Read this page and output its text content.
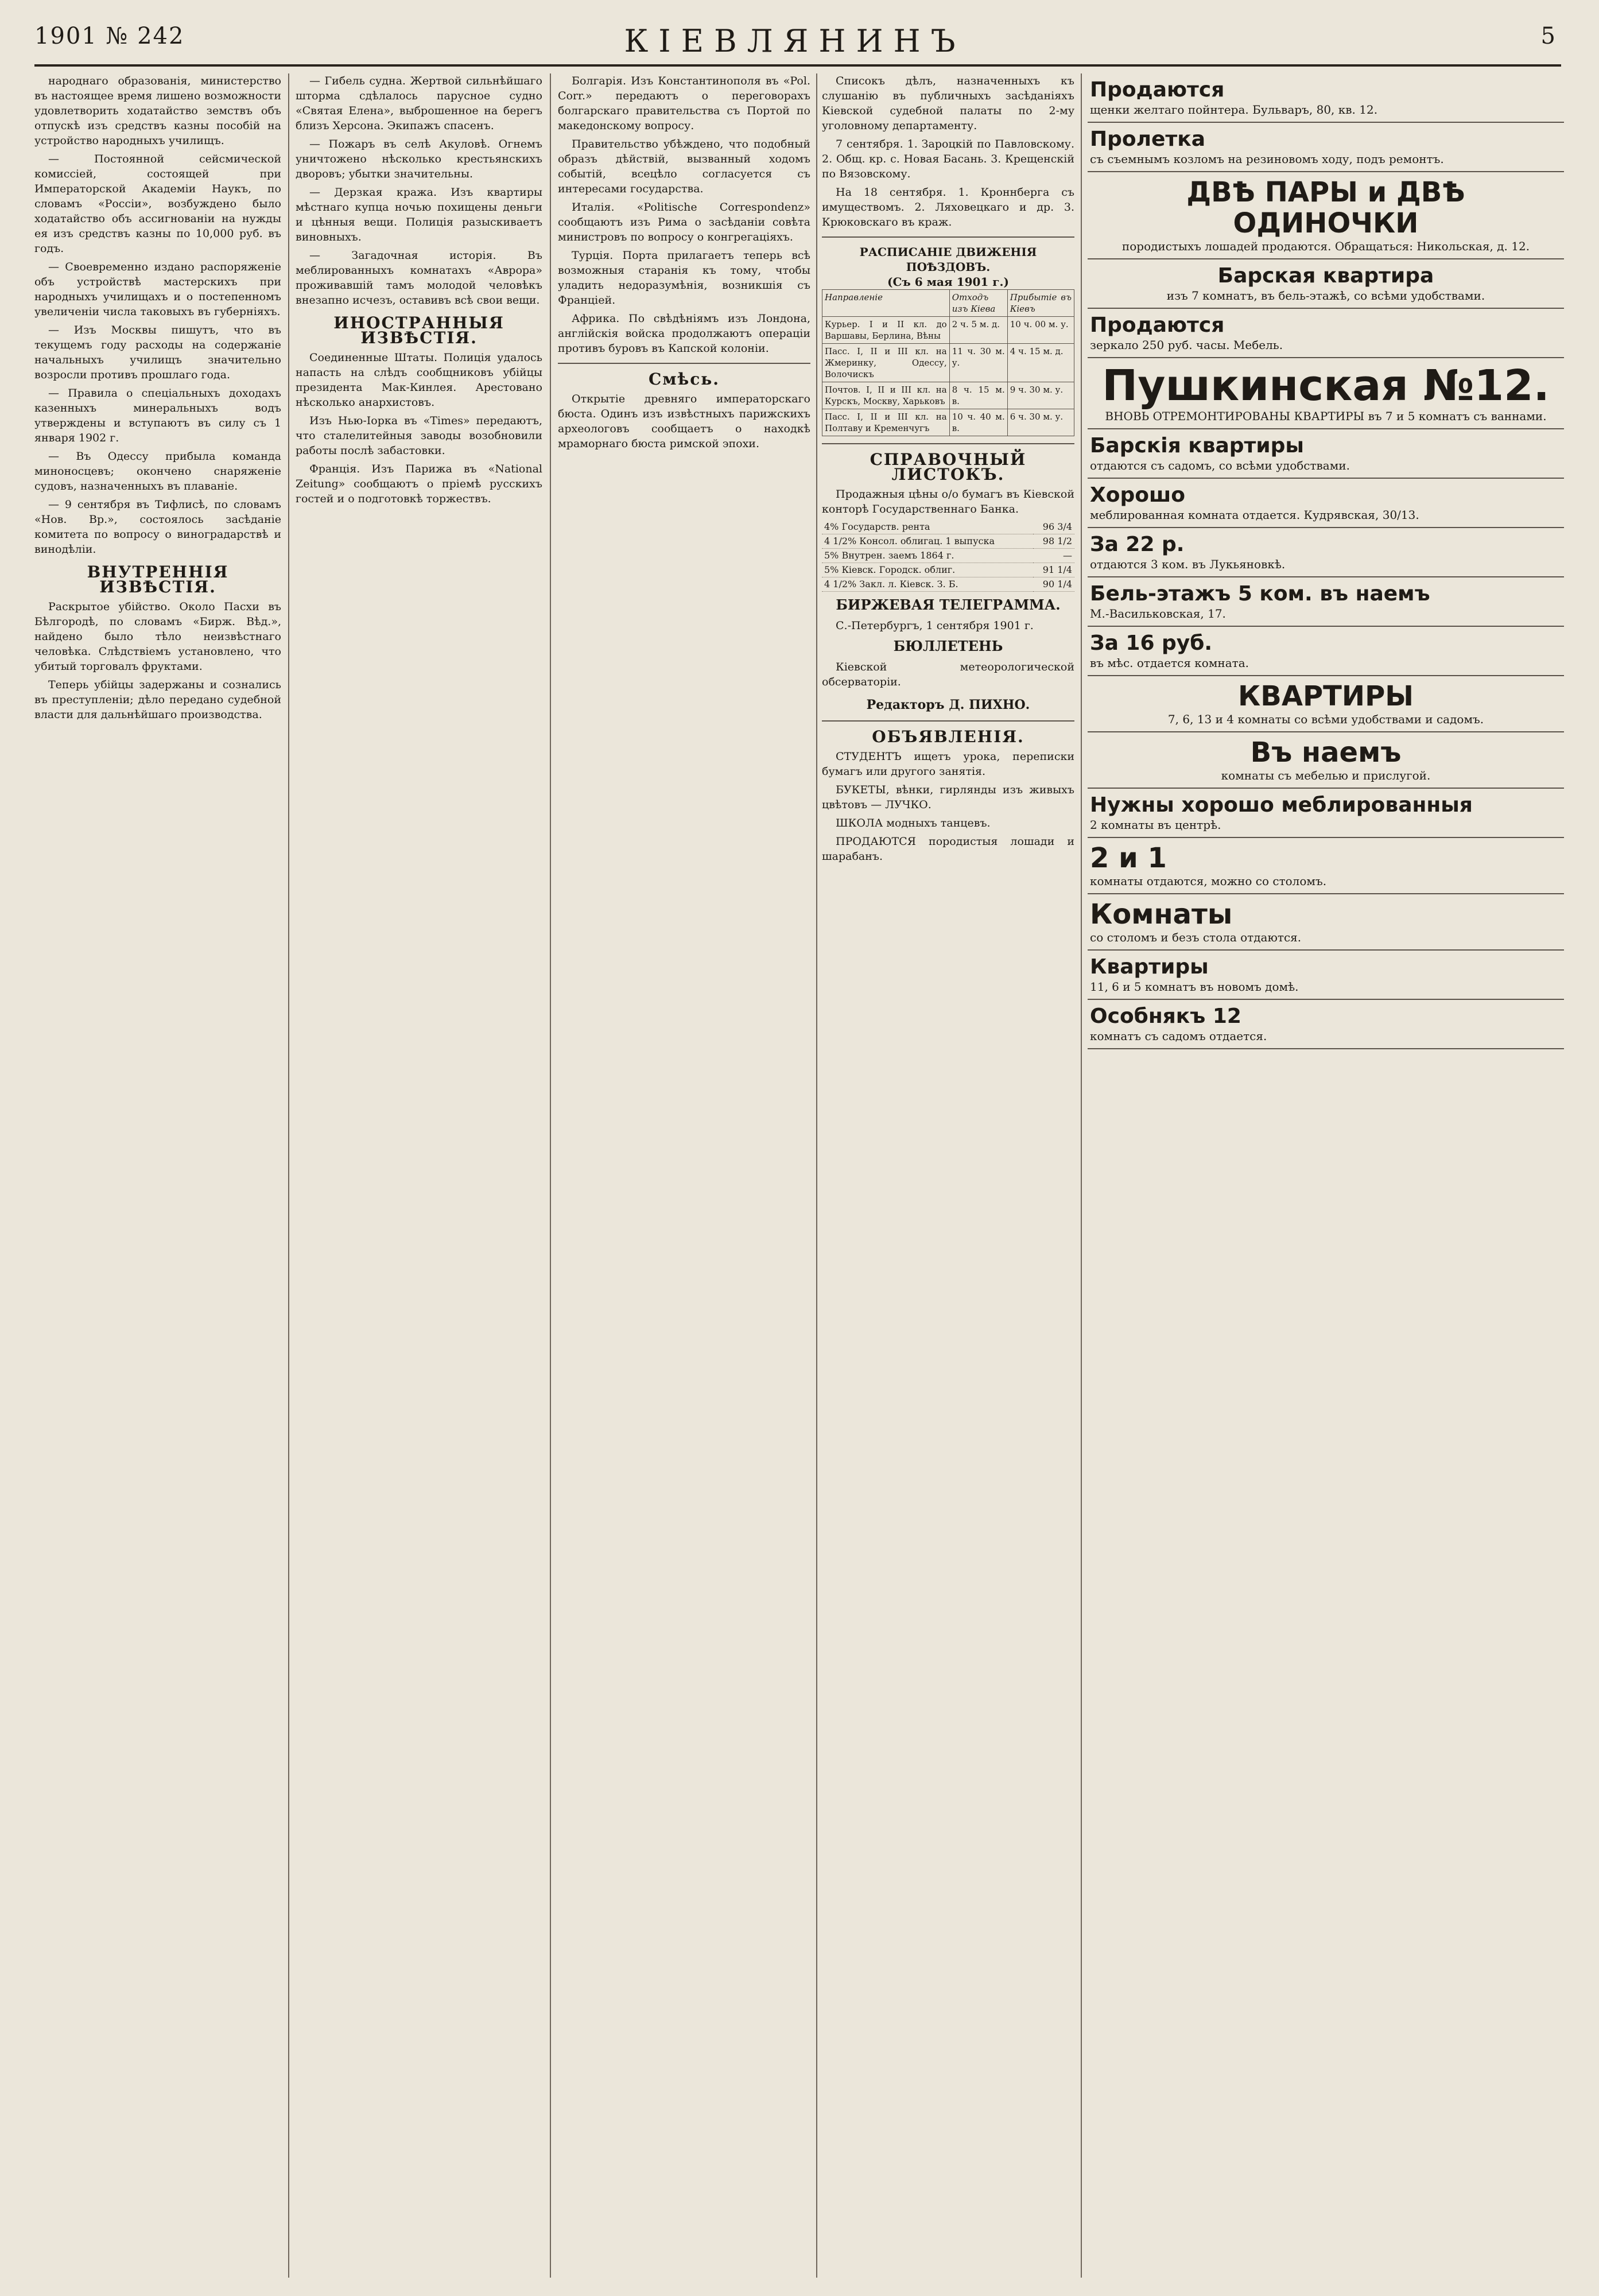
1901 № 242	КІЕВЛЯНИНЪ	5

народнаго образованія, министерство въ настоящее время лишено возможности удовлетворить ходатайство земствъ объ отпускѣ изъ средствъ казны пособій на устройство народныхъ училищъ.

— Постоянной сейсмической комиссіей, состоящей при Императорской Академіи Наукъ, по словамъ «Россіи», возбуждено было ходатайство объ ассигнованіи на нужды ея изъ средствъ казны по 10,000 руб. въ годъ.

— Своевременно издано распоряженіе объ устройствѣ мастерскихъ при народныхъ училищахъ и о постепенномъ увеличеніи числа таковыхъ въ губерніяхъ.

— Изъ Москвы пишутъ, что въ текущемъ году расходы на содержаніе начальныхъ училищъ значительно возросли противъ прошлаго года.

— Правила о спеціальныхъ доходахъ казенныхъ минеральныхъ водъ утверждены и вступаютъ въ силу съ 1 января 1902 г.

— Въ Одессу прибыла команда миноносцевъ; окончено снаряженіе судовъ, назначенныхъ въ плаваніе.

— 9 сентября въ Тифлисѣ, по словамъ «Нов. Вр.», состоялось засѣданіе комитета по вопросу о виноградарствѣ и винодѣліи.

ВНУТРЕННІЯ ИЗВѢСТІЯ.

Раскрытое убійство. Около Пасхи въ Бѣлгородѣ, по словамъ «Бирж. Вѣд.», найдено было тѣло неизвѣстнаго человѣка. Слѣдствіемъ установлено, что убитый торговалъ фруктами.

Теперь убійцы задержаны и сознались въ преступленіи; дѣло передано судебной власти для дальнѣйшаго производства.

— Гибель судна. Жертвой сильнѣйшаго шторма сдѣлалось парусное судно «Святая Елена», выброшенное на берегъ близъ Херсона. Экипажъ спасенъ.

— Пожаръ въ селѣ Акуловѣ. Огнемъ уничтожено нѣсколько крестьянскихъ дворовъ; убытки значительны.

— Дерзкая кража. Изъ квартиры мѣстнаго купца ночью похищены деньги и цѣнныя вещи. Полиція разыскиваетъ виновныхъ.

— Загадочная исторія. Въ меблированныхъ комнатахъ «Аврора» проживавшій тамъ молодой человѣкъ внезапно исчезъ, оставивъ всѣ свои вещи.

ИНОСТРАННЫЯ ИЗВѢСТІЯ.

Соединенные Штаты. Полиція удалось напасть на слѣдъ сообщниковъ убійцы президента Мак-Кинлея. Арестовано нѣсколько анархистовъ.

Изъ Нью-Іорка въ «Times» передаютъ, что сталелитейныя заводы возобновили работы послѣ забастовки.

Франція. Изъ Парижа въ «National Zeitung» сообщаютъ о пріемѣ русскихъ гостей и о подготовкѣ торжествъ.

Болгарія. Изъ Константинополя въ «Pol. Corr.» передаютъ о переговорахъ болгарскаго правительства съ Портой по македонскому вопросу.

Правительство убѣждено, что подобный образъ дѣйствій, вызванный ходомъ событій, всецѣло согласуется съ интересами государства.

Италія. «Politische Correspondenz» сообщаютъ изъ Рима о засѣданіи совѣта министровъ по вопросу о конгрегаціяхъ.

Турція. Порта прилагаетъ теперь всѣ возможныя старанія къ тому, чтобы уладить недоразумѣнія, возникшія съ Франціей.

Африка. По свѣдѣніямъ изъ Лондона, англійскія войска продолжаютъ операціи противъ буровъ въ Капской колоніи.

Смѣсь.

Открытіе древняго императорскаго бюста. Одинъ изъ извѣстныхъ парижскихъ археологовъ сообщаетъ о находкѣ мраморнаго бюста римской эпохи.

Списокъ дѣлъ, назначенныхъ къ слушанію въ публичныхъ засѣданіяхъ Кіевской судебной палаты по 2-му уголовному департаменту.

7 сентября. 1. Зароцкій по Павловскому. 2. Общ. кр. с. Новая Басань. 3. Крещенскій по Вязовскому.

На 18 сентября. 1. Кроннберга съ имуществомъ. 2. Ляховецкаго и др. 3. Крюковскаго въ краж.

РАСПИСАНІЕ ДВИЖЕНІЯ ПОѢЗДОВЪ.
(Съ 6 мая 1901 г.)
Направленіе	Отходъ изъ Кіева	Прибытіе въ Кіевъ
Курьер. I и II кл. до Варшавы, Берлина, Вѣны	2 ч. 5 м. д.	10 ч. 00 м. у.
Пасс. I, II и III кл. на Жмеринку, Одессу, Волочискъ	11 ч. 30 м. у.	4 ч. 15 м. д.
Почтов. I, II и III кл. на Курскъ, Москву, Харьковъ	8 ч. 15 м. в.	9 ч. 30 м. у.
Пасс. I, II и III кл. на Полтаву и Кременчугъ	10 ч. 40 м. в.	6 ч. 30 м. у.
СПРАВОЧНЫЙ ЛИСТОКЪ.

Продажныя цѣны о/о бумагъ въ Кіевской конторѣ Государственнаго Банка.

4% Государств. рента	96 3/4
4 1/2% Консол. облигац. 1 выпуска	98 1/2
5% Внутрен. заемъ 1864 г.	—
5% Кіевск. Городск. облиг.	91 1/4
4 1/2% Закл. л. Кіевск. З. Б.	90 1/4
БИРЖЕВАЯ ТЕЛЕГРАММА.

С.-Петербургъ, 1 сентября 1901 г.

БЮЛЛЕТЕНЬ

Кіевской метеорологической обсерваторіи.

Редакторъ Д. ПИХНО.
ОБЪЯВЛЕНІЯ.

СТУДЕНТЪ ищетъ урока, переписки бумагъ или другого занятія.

БУКЕТЫ, вѣнки, гирлянды изъ живыхъ цвѣтовъ — ЛУЧКО.

ШКОЛА модныхъ танцевъ.

ПРОДАЮТСЯ породистыя лошади и шарабанъ.

Продаются
щенки желтаго пойнтера. Бульваръ, 80, кв. 12.
Пролетка
съ съемнымъ козломъ на резиновомъ ходу, подъ ремонтъ.
ДВѢ ПАРЫ и ДВѢ ОДИНОЧКИ
породистыхъ лошадей продаются. Обращаться: Никольская, д. 12.
Барская квартира
изъ 7 комнатъ, въ бель-этажѣ, со всѣми удобствами.
Продаются
зеркало 250 руб. часы. Мебель.
Пушкинская №12.
ВНОВЬ ОТРЕМОНТИРОВАНЫ КВАРТИРЫ въ 7 и 5 комнатъ съ ваннами.
Барскія квартиры
отдаются съ садомъ, со всѣми удобствами.
Хорошо
меблированная комната отдается. Кудрявская, 30/13.
За 22 р.
отдаются 3 ком. въ Лукьяновкѣ.
Бель-этажъ 5 ком. въ наемъ
М.-Васильковская, 17.
За 16 руб.
въ мѣс. отдается комната.
КВАРТИРЫ
7, 6, 13 и 4 комнаты со всѣми удобствами и садомъ.
Въ наемъ
комнаты съ мебелью и прислугой.
Нужны хорошо меблированныя
2 комнаты въ центрѣ.
2 и 1
комнаты отдаются, можно со столомъ.
Комнаты
со столомъ и безъ стола отдаются.
Квартиры
11, 6 и 5 комнатъ въ новомъ домѣ.
Особнякъ 12
комнатъ съ садомъ отдается.
